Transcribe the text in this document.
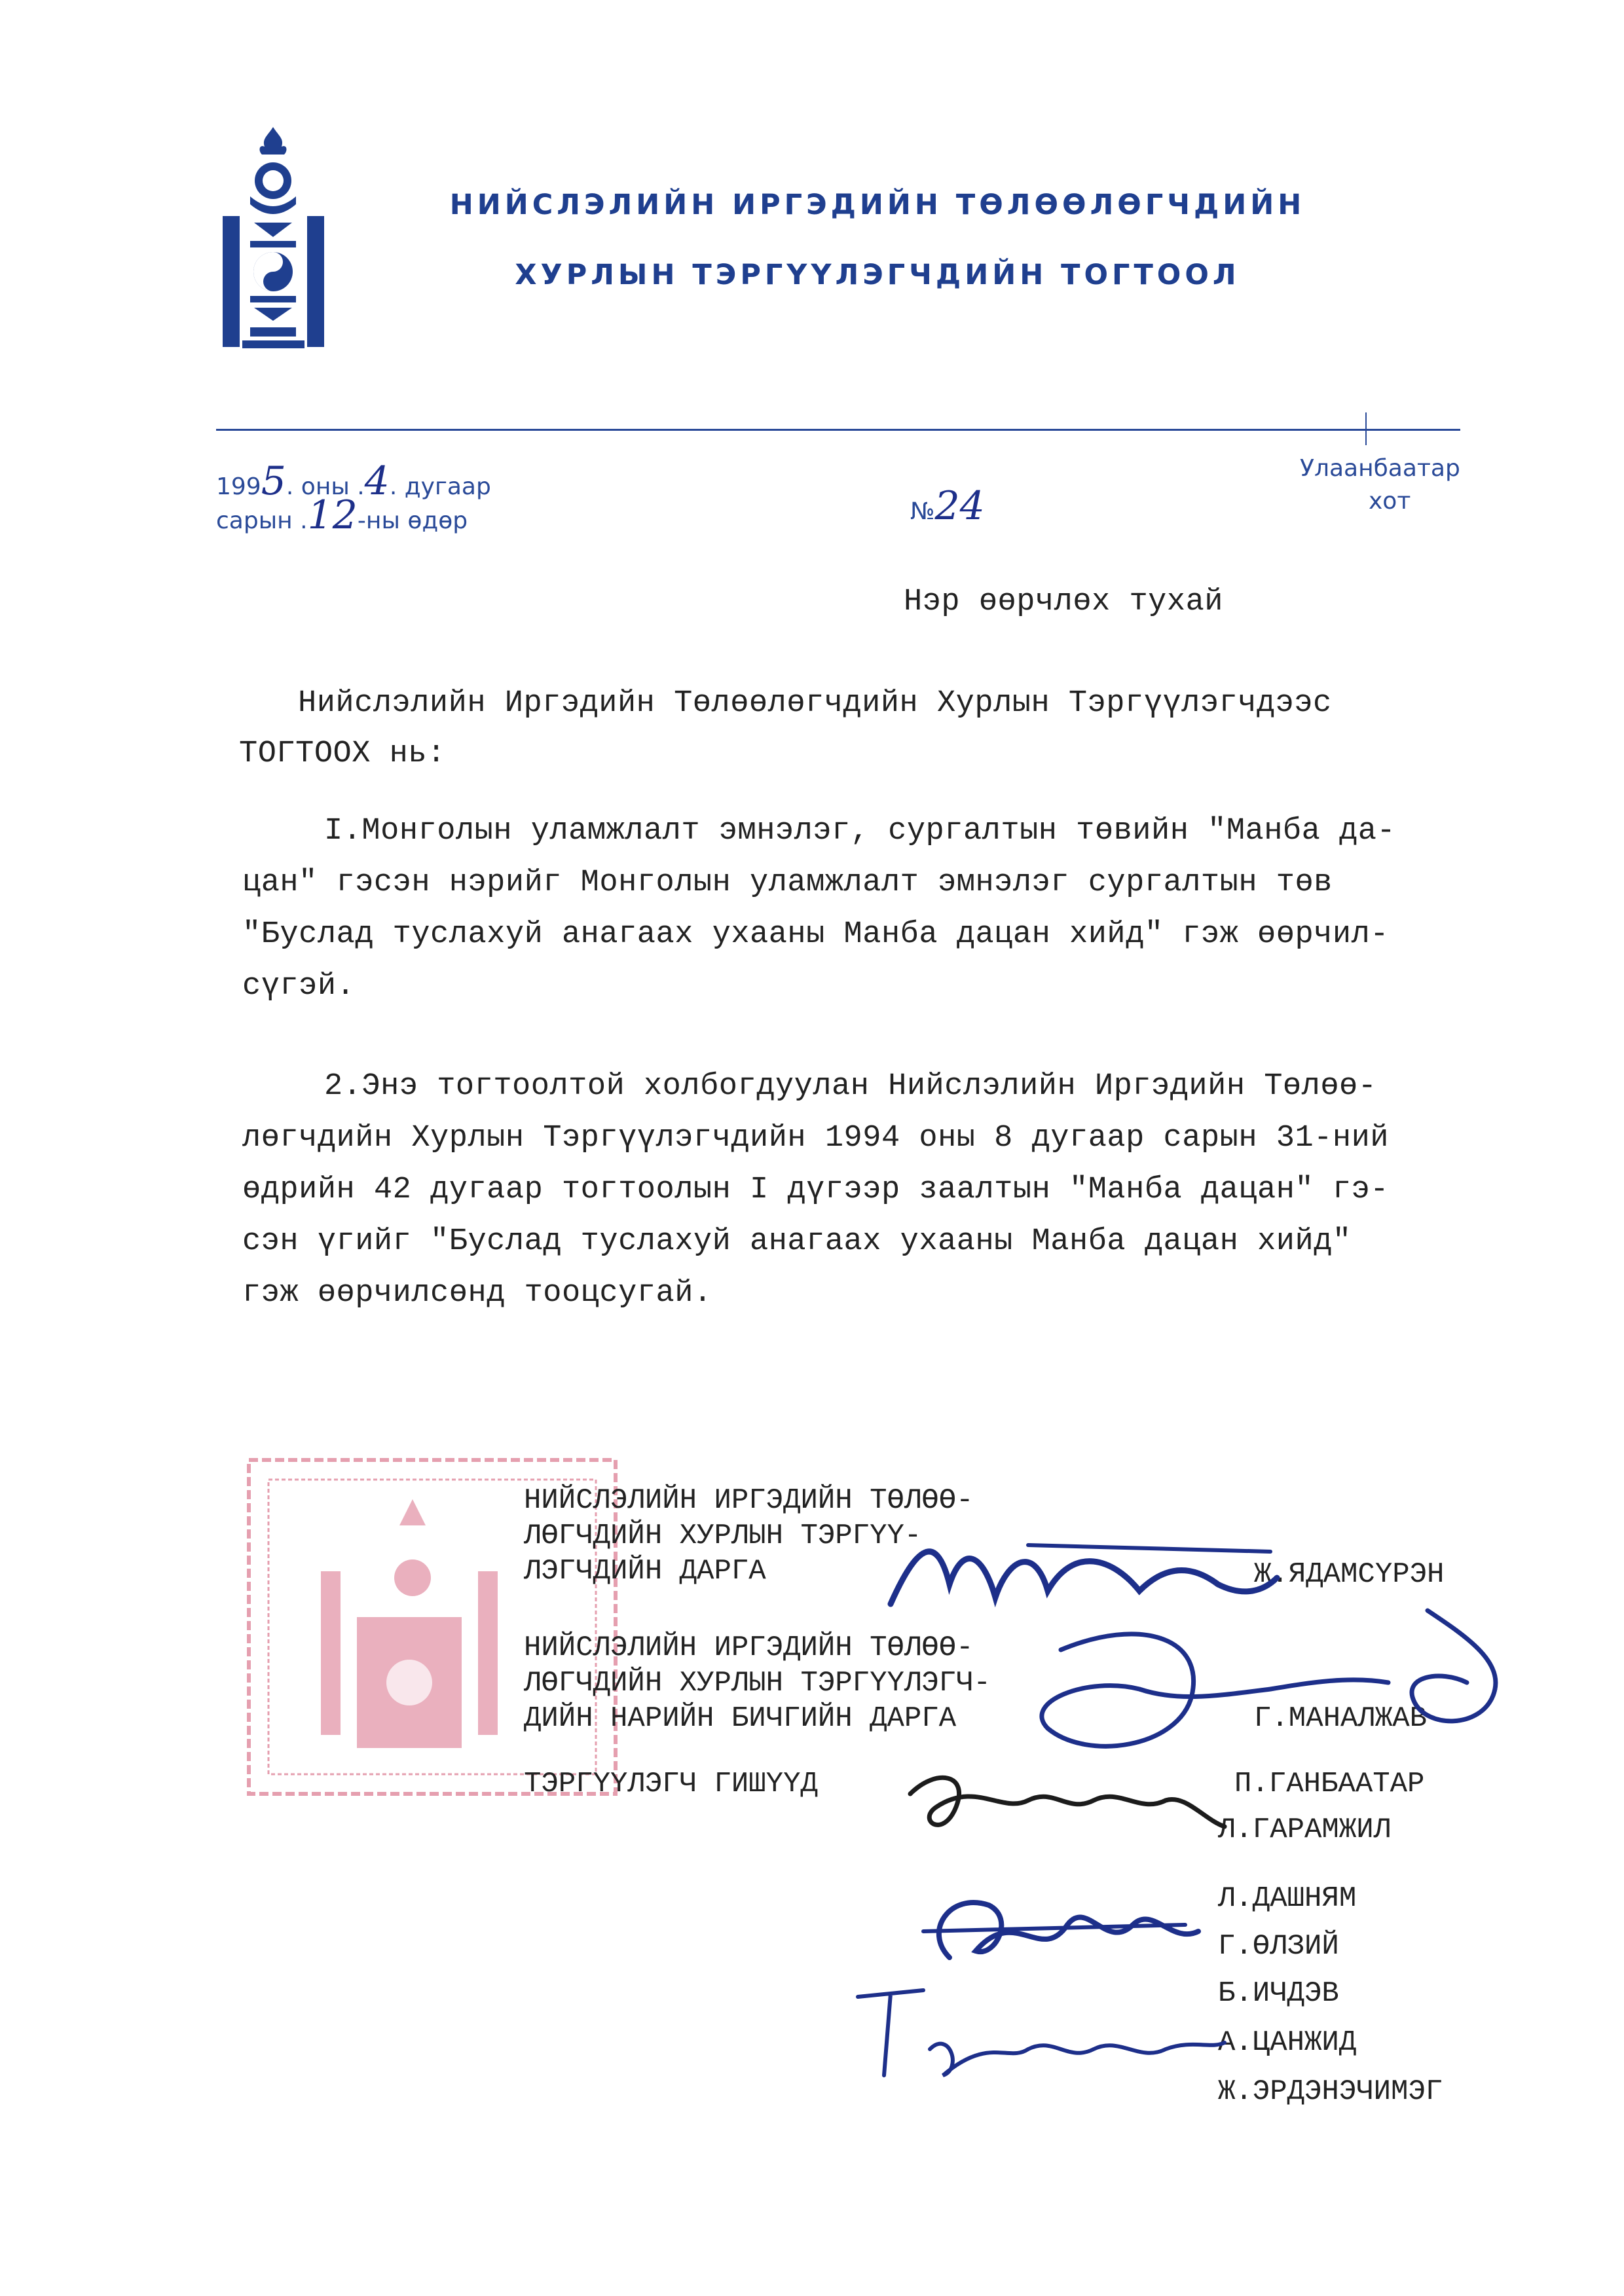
НИЙСЛЭЛИЙН ИРГЭДИЙН ТӨЛӨӨЛӨГЧДИЙН
ХУРЛЫН ТЭРГҮҮЛЭГЧДИЙН ТОГТООЛ
1995. оны .4. дугаар
сарын .12-ны өдөр	№24
Улаанбаатар
хот
Нэр өөрчлөх тухай
Нийслэлийн Иргэдийн Төлөөлөгчдийн Хурлын Тэргүүлэгчдээс
ТОГТООХ нь:
I.Монголын уламжлалт эмнэлэг, сургалтын төвийн "Манба да-
цан" гэсэн нэрийг Монголын уламжлалт эмнэлэг сургалтын төв
"Буслад туслахуй анагаах ухааны Манба дацан хийд" гэж өөрчил-
сүгэй.
2.Энэ тогтоолтой холбогдуулан Нийслэлийн Иргэдийн Төлөө-
лөгчдийн Хурлын Тэргүүлэгчдийн 1994 оны 8 дугаар сарын 31-ний
өдрийн 42 дугаар тогтоолын I дүгээр заалтын "Манба дацан" гэ-
сэн үгийг "Буслад туслахуй анагаах ухааны Манба дацан хийд"
гэж өөрчилсөнд тооцсугай.
НИЙСЛЭЛИЙН ИРГЭДИЙН ТӨЛӨӨ-
ЛӨГЧДИЙН ХУРЛЫН ТЭРГҮҮ-
ЛЭГЧДИЙН ДАРГА	Ж.ЯДАМСҮРЭН
НИЙСЛЭЛИЙН ИРГЭДИЙН ТӨЛӨӨ-
ЛӨГЧДИЙН ХУРЛЫН ТЭРГҮҮЛЭГЧ-
ДИЙН НАРИЙН БИЧГИЙН ДАРГА	Г.МАНАЛЖАВ
ТЭРГҮҮЛЭГЧ ГИШҮҮД	П.ГАНБААТАР
Л.ГАРАМЖИЛ
Л.ДАШНЯМ
Г.ӨЛЗИЙ
Б.ИЧДЭВ
А.ЦАНЖИД
Ж.ЭРДЭНЭЧИМЭГ
